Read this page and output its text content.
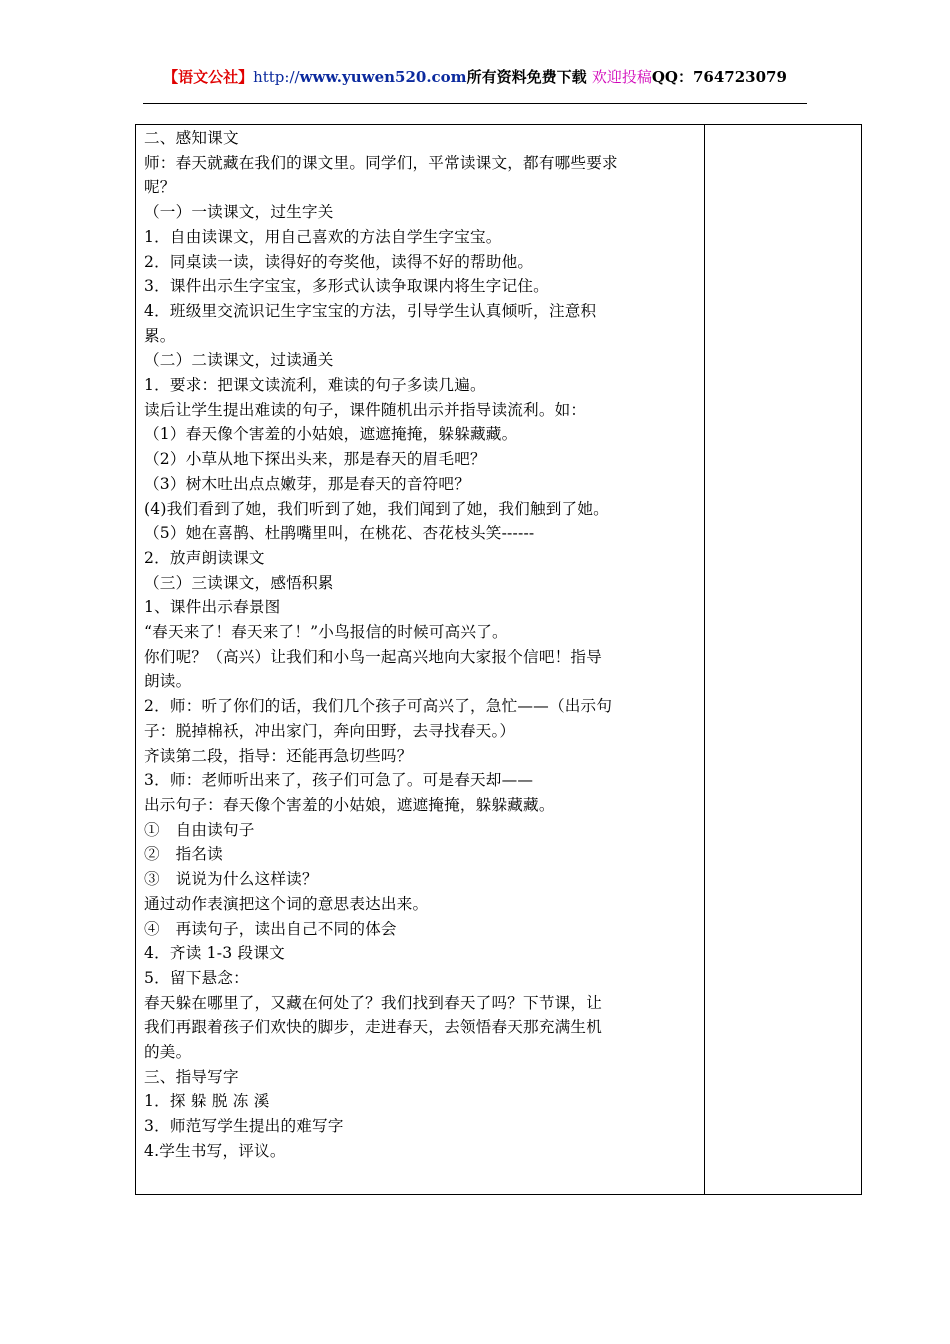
【语文公社】http://www.yuwen520.com所有资料免费下载 欢迎投稿QQ：764723079
二、感知课文
师：春天就藏在我们的课文里。同学们，平常读课文，都有哪些要求
呢？
（一）一读课文，过生字关
1．自由读课文，用自己喜欢的方法自学生字宝宝。
2．同桌读一读，读得好的夸奖他，读得不好的帮助他。
3．课件出示生字宝宝，多形式认读争取课内将生字记住。
4．班级里交流识记生字宝宝的方法，引导学生认真倾听，注意积
累。
（二）二读课文，过读通关
1．要求：把课文读流利，难读的句子多读几遍。
读后让学生提出难读的句子，课件随机出示并指导读流利。如：
（1）春天像个害羞的小姑娘，遮遮掩掩，躲躲藏藏。
（2）小草从地下探出头来，那是春天的眉毛吧？
（3）树木吐出点点嫩芽，那是春天的音符吧？
(4)我们看到了她，我们听到了她，我们闻到了她，我们触到了她。
（5）她在喜鹊、杜鹃嘴里叫，在桃花、杏花枝头笑------
2．放声朗读课文
（三）三读课文，感悟积累
1、课件出示春景图
“春天来了！春天来了！”小鸟报信的时候可高兴了。
你们呢？（高兴）让我们和小鸟一起高兴地向大家报个信吧！指导
朗读。
2．师：听了你们的话，我们几个孩子可高兴了，急忙——（出示句
子：脱掉棉袄，冲出家门，奔向田野，去寻找春天。）
齐读第二段，指导：还能再急切些吗？
3．师：老师听出来了，孩子们可急了。可是春天却——
出示句子：春天像个害羞的小姑娘，遮遮掩掩，躲躲藏藏。
①　自由读句子
②　指名读
③　说说为什么这样读？
通过动作表演把这个词的意思表达出来。
④　再读句子，读出自己不同的体会
4．齐读 1-3 段课文
5．留下悬念：
春天躲在哪里了，又藏在何处了？我们找到春天了吗？下节课，让
我们再跟着孩子们欢快的脚步，走进春天，去领悟春天那充满生机
的美。
三、指导写字
1．探 躲 脱 冻 溪
3．师范写学生提出的难写字
4.学生书写，评议。
